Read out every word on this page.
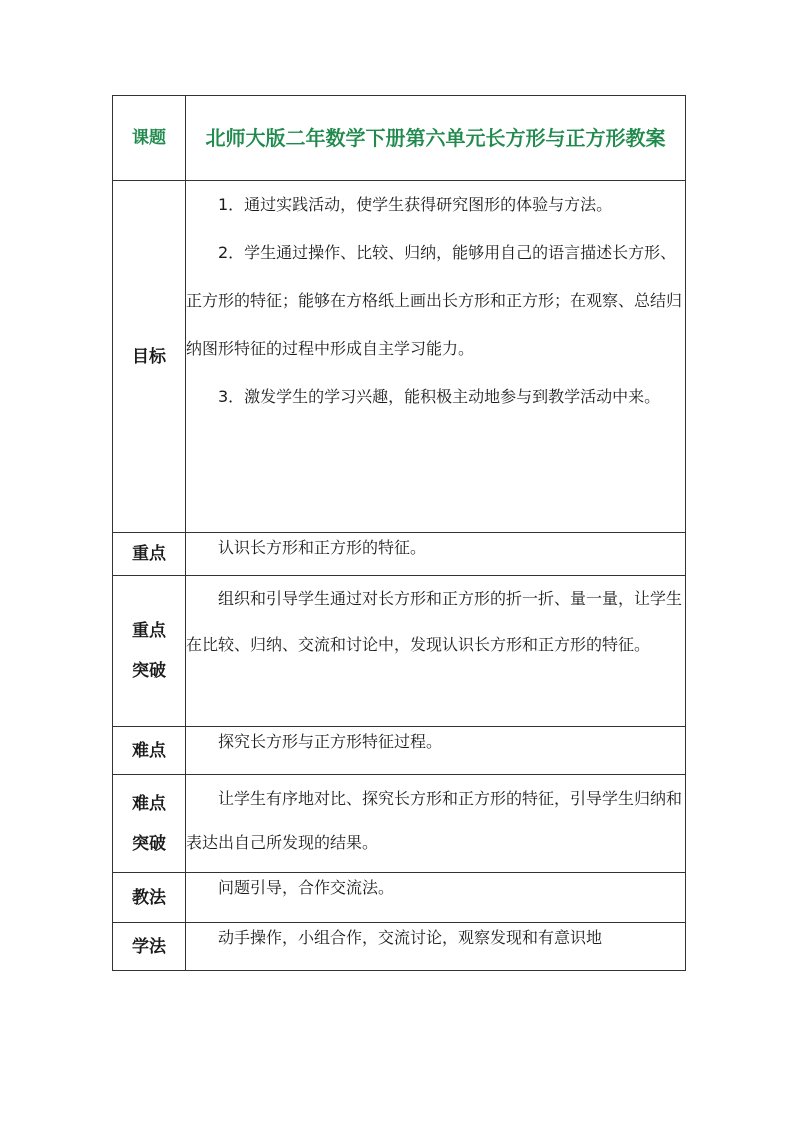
课题	北师大版二年数学下册第六单元长方形与正方形教案

目标	1．通过实践活动，使学生获得研究图形的体验与方法。

2．学生通过操作、比较、归纳，能够用自己的语言描述长方形、正方形的特征；能够在方格纸上画出长方形和正方形；在观察、总结归纳图形特征的过程中形成自主学习能力。

3．激发学生的学习兴趣，能积极主动地参与到教学活动中来。

重点	认识长方形和正方形的特征。

重点
突破	组织和引导学生通过对长方形和正方形的折一折、量一量，让学生在比较、归纳、交流和讨论中，发现认识长方形和正方形的特征。

难点	探究长方形与正方形特征过程。

难点
突破	让学生有序地对比、探究长方形和正方形的特征，引导学生归纳和表达出自己所发现的结果。

教法	问题引导，合作交流法。

学法	动手操作，小组合作，交流讨论，观察发现和有意识地
